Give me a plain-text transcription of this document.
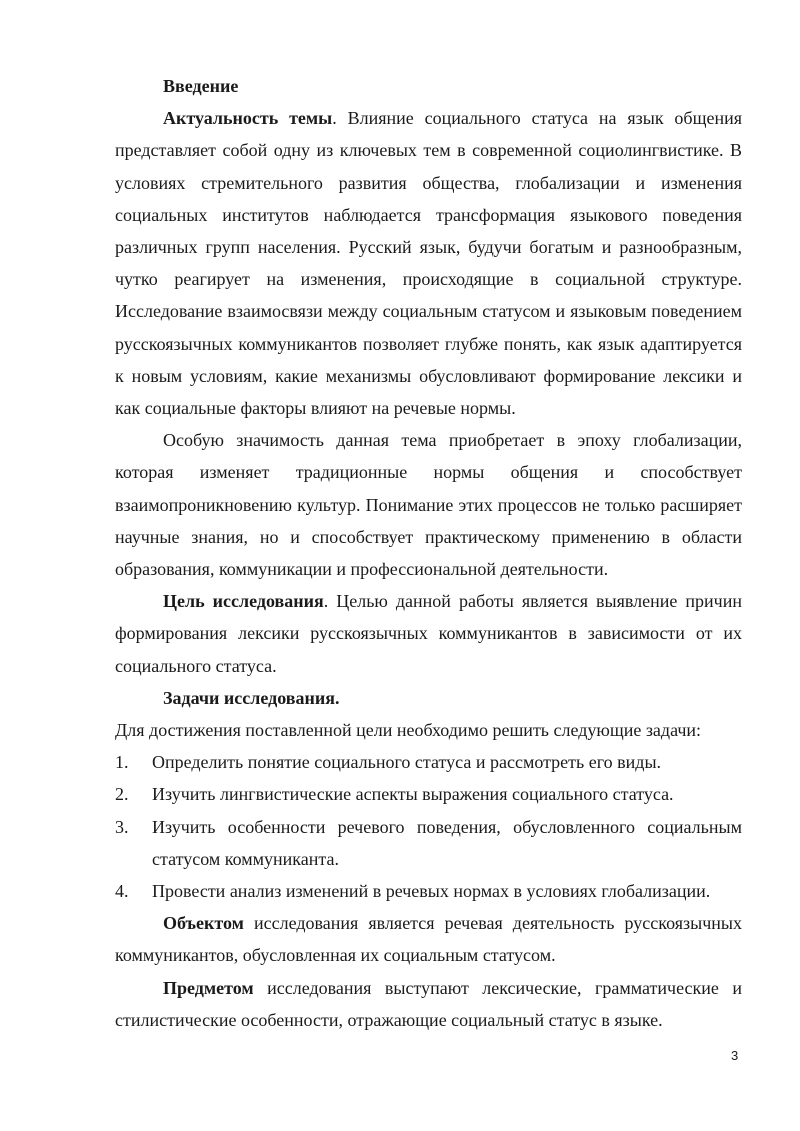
Введение

Актуальность темы. Влияние социального статуса на язык общения представляет собой одну из ключевых тем в современной социолингвистике. В условиях стремительного развития общества, глобализации и изменения социальных институтов наблюдается трансформация языкового поведения различных групп населения. Русский язык, будучи богатым и разнообразным, чутко реагирует на изменения, происходящие в социальной структуре. Исследование взаимосвязи между социальным статусом и языковым поведением русскоязычных коммуникантов позволяет глубже понять, как язык адаптируется к новым условиям, какие механизмы обусловливают формирование лексики и как социальные факторы влияют на речевые нормы.

Особую значимость данная тема приобретает в эпоху глобализации, которая изменяет традиционные нормы общения и способствует взаимопроникновению культур. Понимание этих процессов не только расширяет научные знания, но и способствует практическому применению в области образования, коммуникации и профессиональной деятельности.

Цель исследования. Целью данной работы является выявление причин формирования лексики русскоязычных коммуникантов в зависимости от их социального статуса.

Задачи исследования.

Для достижения поставленной цели необходимо решить следующие задачи:

1. Определить понятие социального статуса и рассмотреть его виды.
2. Изучить лингвистические аспекты выражения социального статуса.
3. Изучить особенности речевого поведения, обусловленного социальным статусом коммуниканта.
4. Провести анализ изменений в речевых нормах в условиях глобализации.

Объектом исследования является речевая деятельность русскоязычных коммуникантов, обусловленная их социальным статусом.

Предметом исследования выступают лексические, грамматические и стилистические особенности, отражающие социальный статус в языке.

3
